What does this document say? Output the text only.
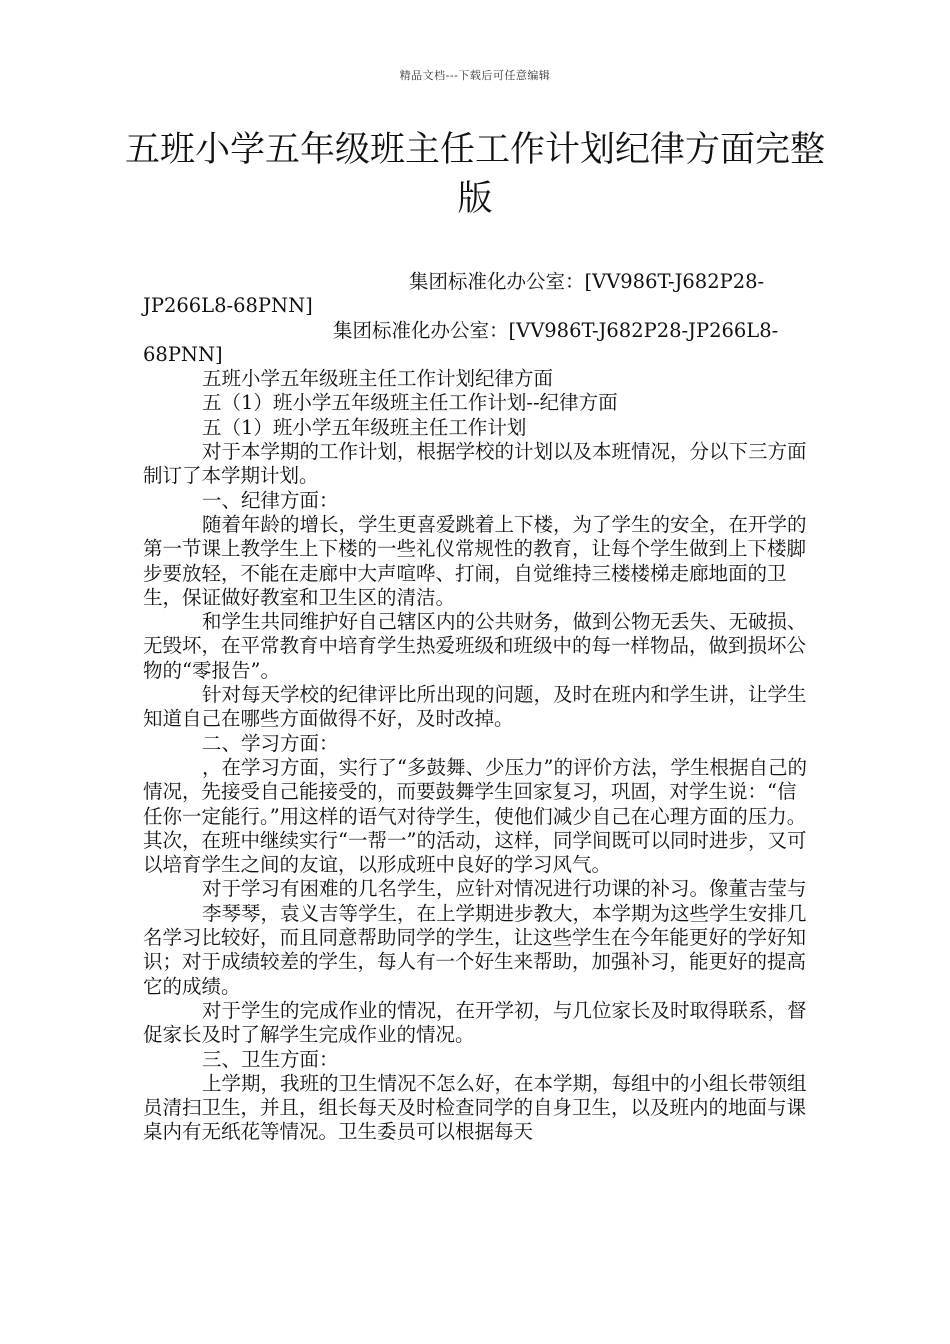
精品文档---下载后可任意编辑
五班小学五年级班主任工作计划纪律方面完整版

集团标准化办公室：[VV986T-J682P28-JP266L8-68PNN]

集团标准化办公室：[VV986T-J682P28-JP266L8-68PNN]

五班小学五年级班主任工作计划纪律方面

五（1）班小学五年级班主任工作计划--纪律方面

五（1）班小学五年级班主任工作计划

对于本学期的工作计划，根据学校的计划以及本班情况，分以下三方面制订了本学期计划。

一、纪律方面：

随着年龄的增长，学生更喜爱跳着上下楼，为了学生的安全，在开学的第一节课上教学生上下楼的一些礼仪常规性的教育，让每个学生做到上下楼脚步要放轻，不能在走廊中大声喧哗、打闹，自觉维持三楼楼梯走廊地面的卫生，保证做好教室和卫生区的清洁。

和学生共同维护好自己辖区内的公共财务，做到公物无丢失、无破损、无毁坏，在平常教育中培育学生热爱班级和班级中的每一样物品，做到损坏公物的“零报告”。

针对每天学校的纪律评比所出现的问题，及时在班内和学生讲，让学生知道自己在哪些方面做得不好，及时改掉。

二、学习方面：

，在学习方面，实行了“多鼓舞、少压力”的评价方法，学生根据自己的情况，先接受自己能接受的，而要鼓舞学生回家复习，巩固，对学生说：“信任你一定能行。”用这样的语气对待学生，使他们减少自己在心理方面的压力。其次，在班中继续实行“一帮一”的活动，这样，同学间既可以同时进步，又可以培育学生之间的友谊，以形成班中良好的学习风气。

对于学习有困难的几名学生，应针对情况进行功课的补习。像董吉莹与

李琴琴，袁义吉等学生，在上学期进步教大，本学期为这些学生安排几名学习比较好，而且同意帮助同学的学生，让这些学生在今年能更好的学好知识；对于成绩较差的学生，每人有一个好生来帮助，加强补习，能更好的提高它的成绩。

对于学生的完成作业的情况，在开学初，与几位家长及时取得联系，督促家长及时了解学生完成作业的情况。

三、卫生方面：

上学期，我班的卫生情况不怎么好，在本学期，每组中的小组长带领组员清扫卫生，并且，组长每天及时检查同学的自身卫生，以及班内的地面与课桌内有无纸花等情况。卫生委员可以根据每天
